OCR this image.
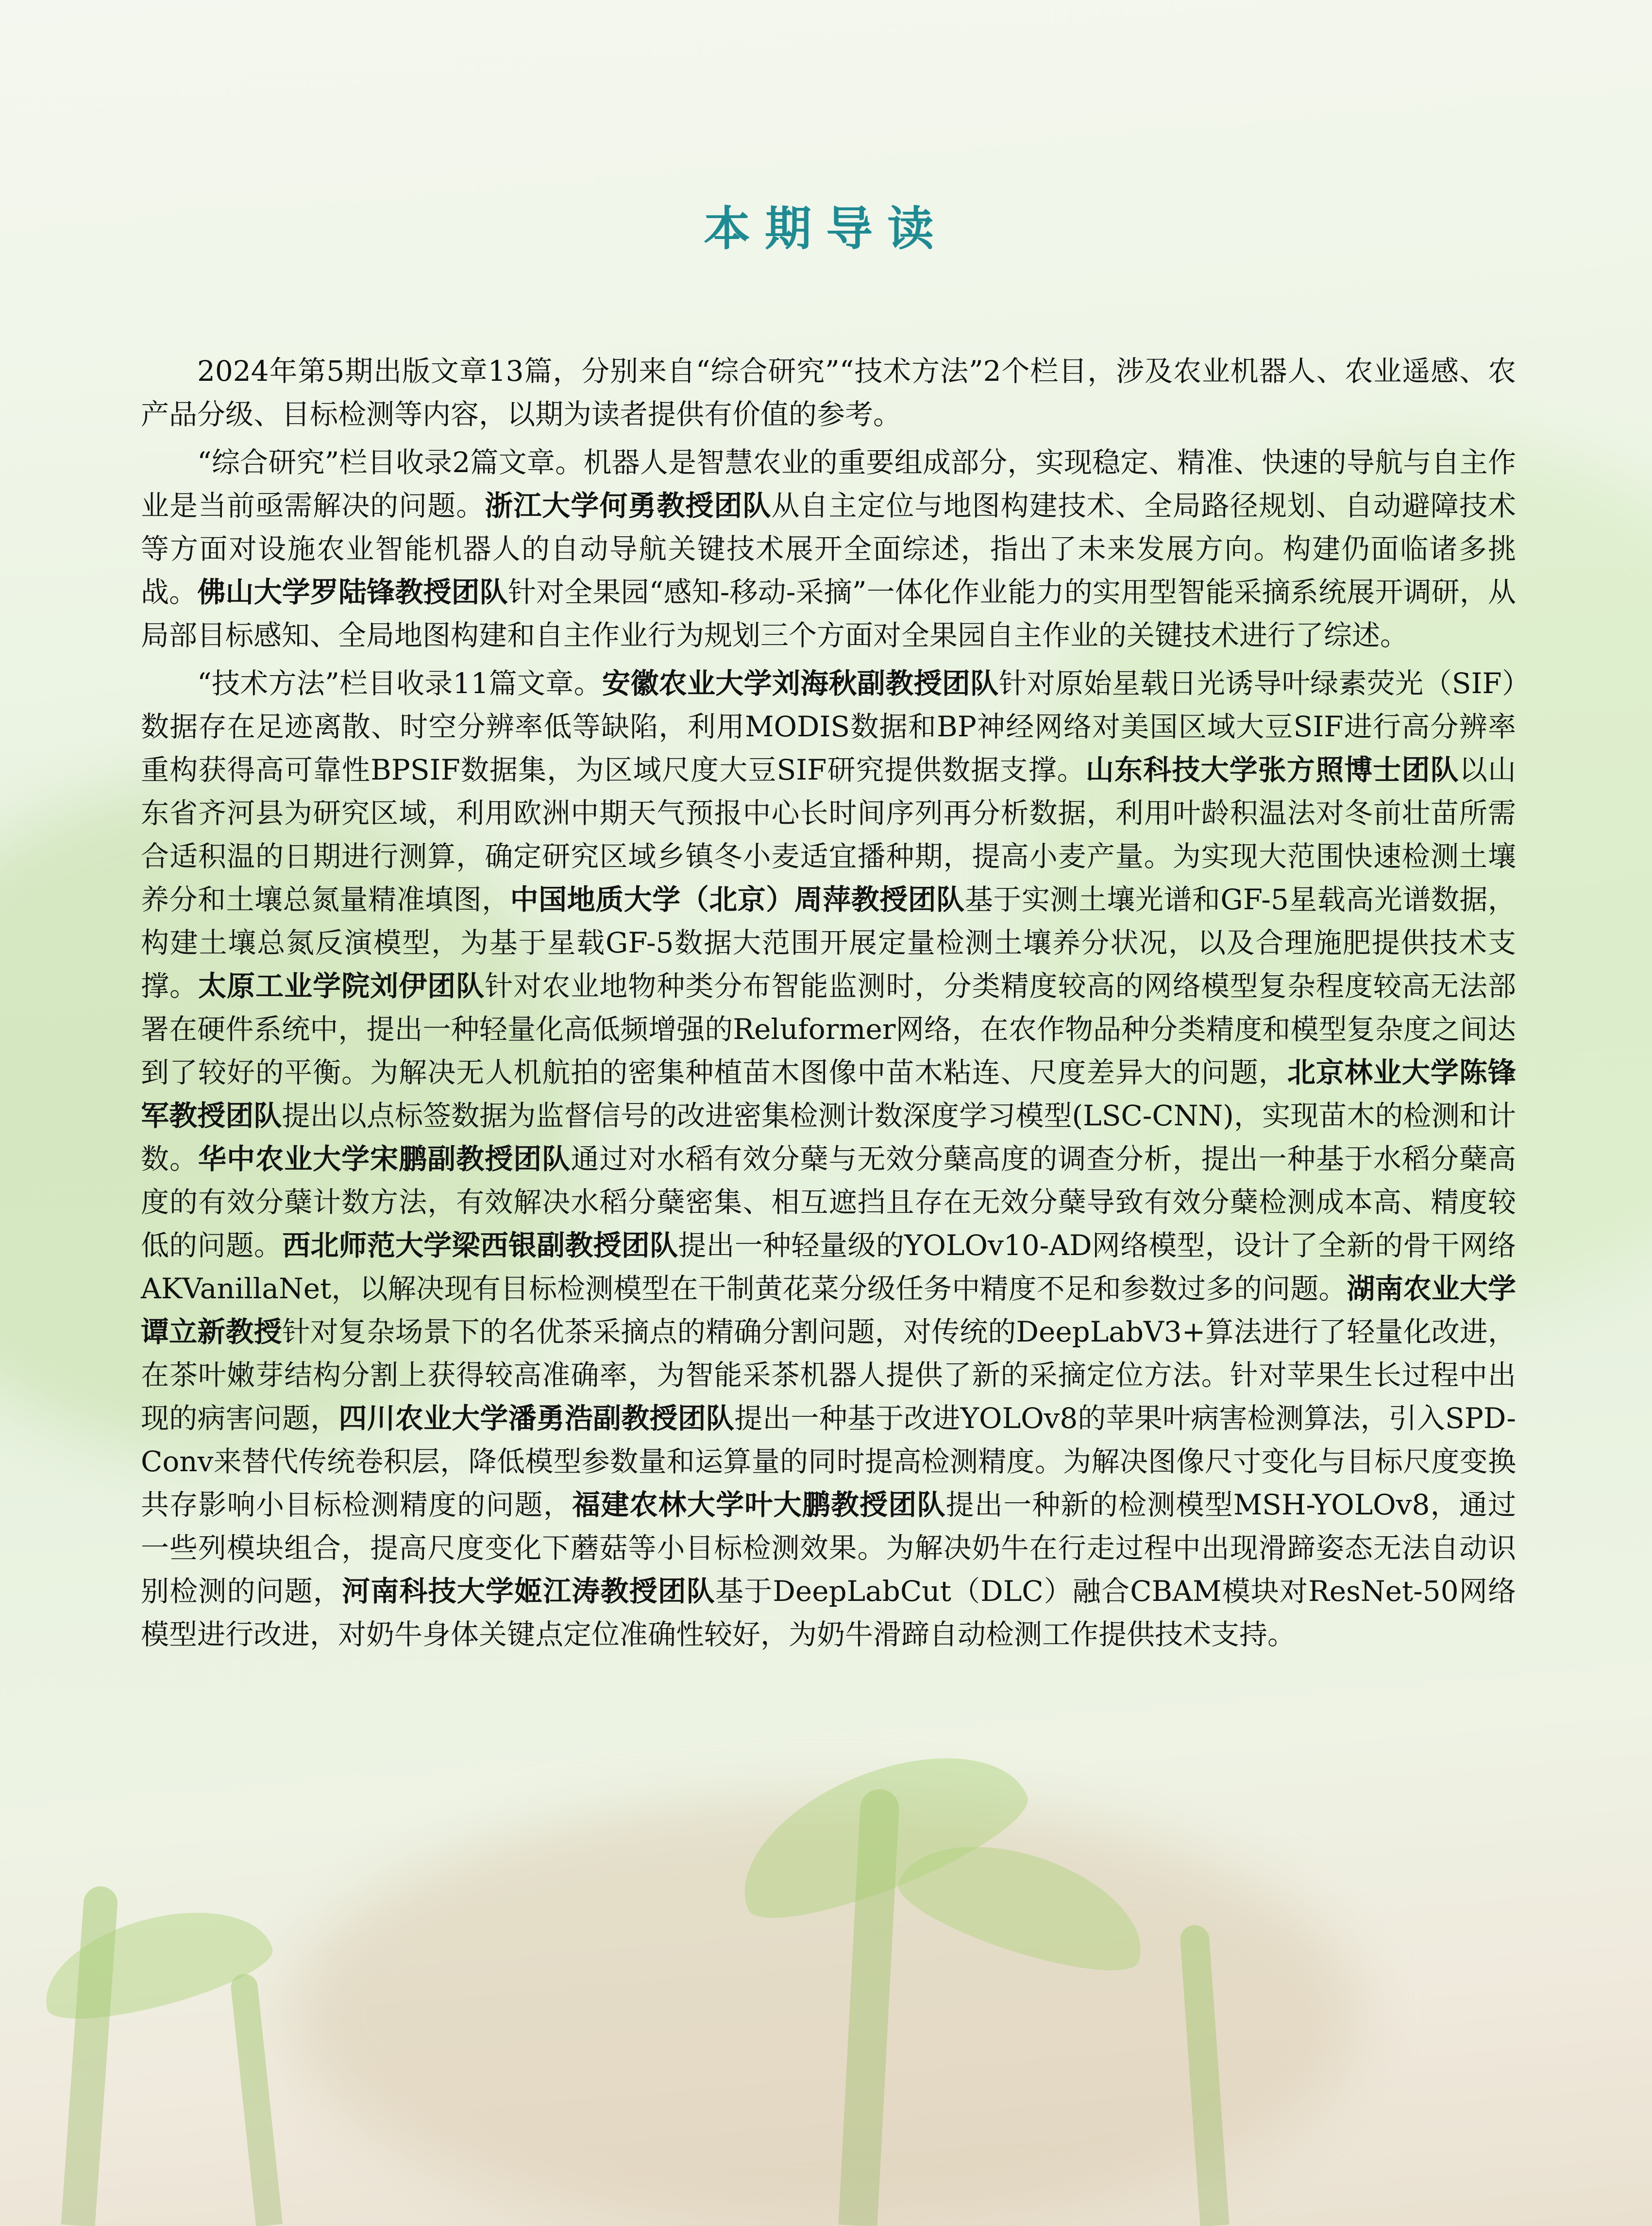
本期导读

2024年第5期出版文章13篇，分别来自“综合研究”“技术方法”2个栏目，涉及农业机器人、农业遥感、农产品分级、目标检测等内容，以期为读者提供有价值的参考。

“综合研究”栏目收录2篇文章。机器人是智慧农业的重要组成部分，实现稳定、精准、快速的导航与自主作业是当前亟需解决的问题。浙江大学何勇教授团队从自主定位与地图构建技术、全局路径规划、自动避障技术等方面对设施农业智能机器人的自动导航关键技术展开全面综述，指出了未来发展方向。构建仍面临诸多挑战。佛山大学罗陆锋教授团队针对全果园“感知-移动-采摘”一体化作业能力的实用型智能采摘系统展开调研，从局部目标感知、全局地图构建和自主作业行为规划三个方面对全果园自主作业的关键技术进行了综述。

“技术方法”栏目收录11篇文章。安徽农业大学刘海秋副教授团队针对原始星载日光诱导叶绿素荧光（SIF）数据存在足迹离散、时空分辨率低等缺陷，利用MODIS数据和BP神经网络对美国区域大豆SIF进行高分辨率重构获得高可靠性BPSIF数据集，为区域尺度大豆SIF研究提供数据支撑。山东科技大学张方照博士团队以山东省齐河县为研究区域，利用欧洲中期天气预报中心长时间序列再分析数据，利用叶龄积温法对冬前壮苗所需合适积温的日期进行测算，确定研究区域乡镇冬小麦适宜播种期，提高小麦产量。为实现大范围快速检测土壤养分和土壤总氮量精准填图，中国地质大学（北京）周萍教授团队基于实测土壤光谱和GF-5星载高光谱数据，构建土壤总氮反演模型，为基于星载GF-5数据大范围开展定量检测土壤养分状况，以及合理施肥提供技术支撑。太原工业学院刘伊团队针对农业地物种类分布智能监测时，分类精度较高的网络模型复杂程度较高无法部署在硬件系统中，提出一种轻量化高低频增强的Reluformer网络，在农作物品种分类精度和模型复杂度之间达到了较好的平衡。为解决无人机航拍的密集种植苗木图像中苗木粘连、尺度差异大的问题，北京林业大学陈锋军教授团队提出以点标签数据为监督信号的改进密集检测计数深度学习模型(LSC-CNN)，实现苗木的检测和计数。华中农业大学宋鹏副教授团队通过对水稻有效分蘖与无效分蘖高度的调查分析，提出一种基于水稻分蘖高度的有效分蘖计数方法，有效解决水稻分蘖密集、相互遮挡且存在无效分蘖导致有效分蘖检测成本高、精度较低的问题。西北师范大学梁西银副教授团队提出一种轻量级的YOLOv10-AD网络模型，设计了全新的骨干网络AKVanillaNet，以解决现有目标检测模型在干制黄花菜分级任务中精度不足和参数过多的问题。湖南农业大学谭立新教授针对复杂场景下的名优茶采摘点的精确分割问题，对传统的DeepLabV3+算法进行了轻量化改进，在茶叶嫩芽结构分割上获得较高准确率，为智能采茶机器人提供了新的采摘定位方法。针对苹果生长过程中出现的病害问题，四川农业大学潘勇浩副教授团队提出一种基于改进YOLOv8的苹果叶病害检测算法，引入SPD-Conv来替代传统卷积层，降低模型参数量和运算量的同时提高检测精度。为解决图像尺寸变化与目标尺度变换共存影响小目标检测精度的问题，福建农林大学叶大鹏教授团队提出一种新的检测模型MSH-YOLOv8，通过一些列模块组合，提高尺度变化下蘑菇等小目标检测效果。为解决奶牛在行走过程中出现滑蹄姿态无法自动识别检测的问题，河南科技大学姬江涛教授团队基于DeepLabCut（DLC）融合CBAM模块对ResNet-50网络模型进行改进，对奶牛身体关键点定位准确性较好，为奶牛滑蹄自动检测工作提供技术支持。
